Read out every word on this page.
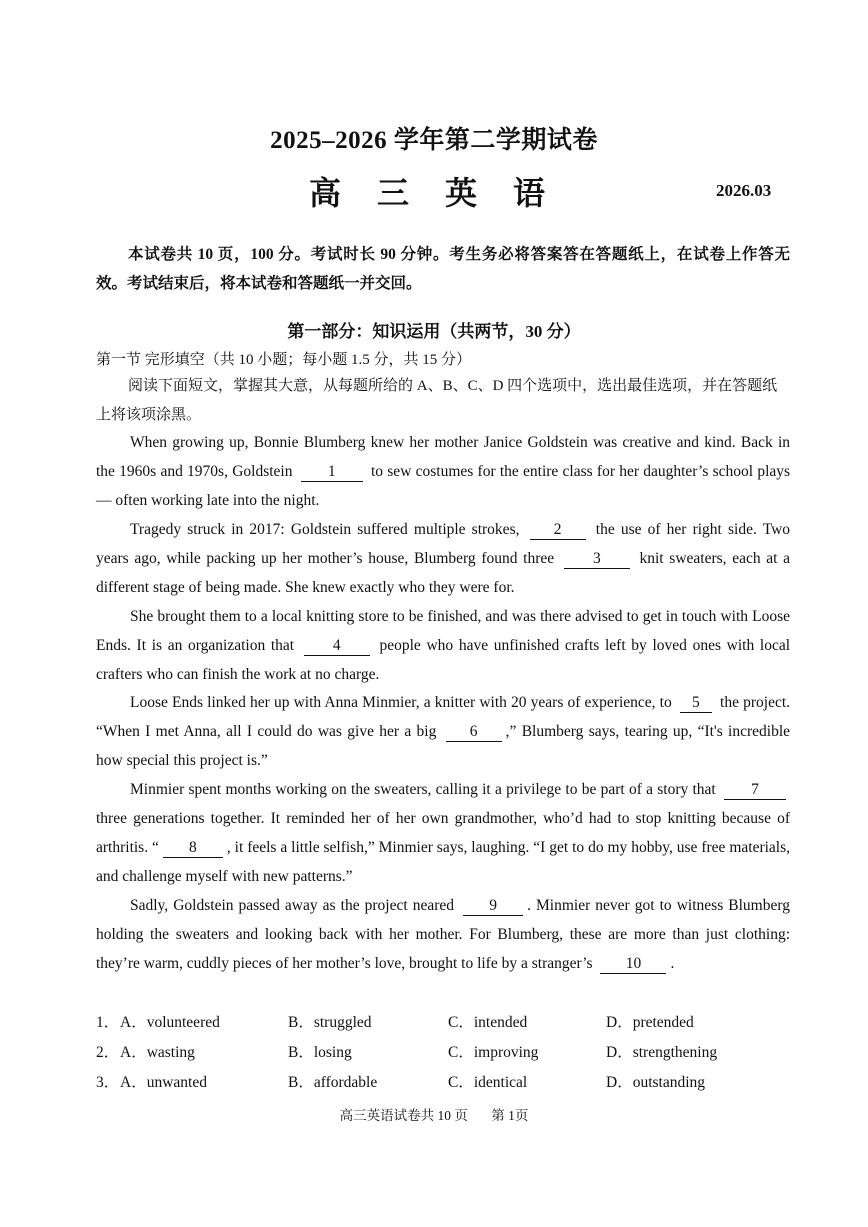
2025–2026 学年第二学期试卷
高 三 英 语	2026.03
本试卷共 10 页，100 分。考试时长 90 分钟。考生务必将答案答在答题纸上，在试卷上作答无效。考试结束后，将本试卷和答题纸一并交回。
第一部分：知识运用（共两节，30 分）
第一节 完形填空（共 10 小题；每小题 1.5 分，共 15 分）
阅读下面短文，掌握其大意，从每题所给的 A、B、C、D 四个选项中，选出最佳选项，并在答题纸上将该项涂黑。
When growing up, Bonnie Blumberg knew her mother Janice Goldstein was creative and kind. Back in the 1960s and 1970s, Goldstein 1 to sew costumes for the entire class for her daughter’s school plays — often working late into the night.
Tragedy struck in 2017: Goldstein suffered multiple strokes, 2 the use of her right side. Two years ago, while packing up her mother’s house, Blumberg found three	3	knit sweaters, each at a different stage of being made. She knew exactly who they were for.
She brought them to a local knitting store to be finished, and was there advised to get in touch with Loose Ends. It is an organization that	4	people who have unfinished crafts left by loved ones with local crafters who can finish the work at no charge.
Loose Ends linked her up with Anna Minmier, a knitter with 20 years of experience, to 5 the project. “When I met Anna, all I could do was give her a big 6 ,” Blumberg says, tearing up, “It's incredible how special this project is.”
Minmier spent months working on the sweaters, calling it a privilege to be part of a story that 7 three generations together. It reminded her of her own grandmother, who’d had to stop knitting because of arthritis. “ 8 , it feels a little selfish,” Minmier says, laughing. “I get to do my hobby, use free materials, and challenge myself with new patterns.”
Sadly, Goldstein passed away as the project neared 9 . Minmier never got to witness Blumberg holding the sweaters and looking back with her mother. For Blumberg, these are more than just clothing: they’re warm, cuddly pieces of her mother’s love, brought to life by a stranger’s 10 .
1． A．volunteered	B．struggled	C．intended	D．pretended
2． A．wasting	B．losing	C．improving	D．strengthening
3． A．unwanted	B．affordable	C．identical	D．outstanding
高三英语试卷共 10 页 第 1页
